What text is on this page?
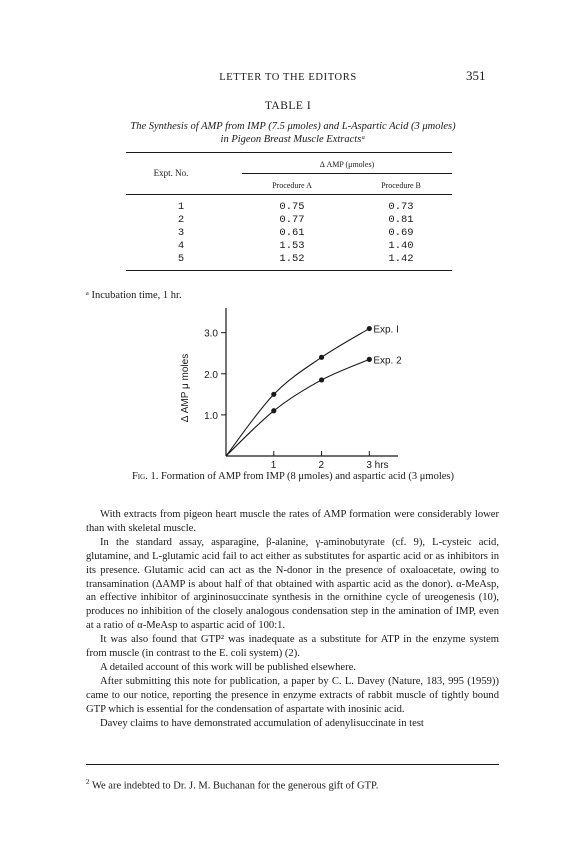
LETTER TO THE EDITORS	351
TABLE I
The Synthesis of AMP from IMP (7.5 μmoles) and L-Aspartic Acid (3 μmoles)
in Pigeon Breast Muscle Extractsᵃ
Δ AMP (μmoles)
Expt. No.
Procedure A	Procedure B
1	0.75	0.73
2	0.77	0.81
3	0.61	0.69
4	1.53	1.40
5	1.52	1.42
ᵃ Incubation time, 1 hr.
1.0
2.0
3.0
1	2	3 hrs
Δ AMP μ moles
Exp. I
Exp. 2
Fig. 1. Formation of AMP from IMP (8 μmoles) and aspartic acid (3 μmoles)

With extracts from pigeon heart muscle the rates of AMP formation were considerably lower than with skeletal muscle.

In the standard assay, asparagine, β-alanine, γ-aminobutyrate (cf. 9), L-cysteic acid, glutamine, and L-glutamic acid fail to act either as substitutes for aspartic acid or as inhibitors in its presence. Glutamic acid can act as the N-donor in the presence of oxaloacetate, owing to transamination (ΔAMP is about half of that obtained with aspartic acid as the donor). α-MeAsp, an effective inhibitor of argininosuccinate synthesis in the ornithine cycle of ureogenesis (10), produces no inhibition of the closely analogous condensation step in the amination of IMP, even at a ratio of α-MeAsp to aspartic acid of 100:1.

It was also found that GTP² was inadequate as a substitute for ATP in the enzyme system from muscle (in contrast to the E. coli system) (2).

A detailed account of this work will be published elsewhere.

After submitting this note for publication, a paper by C. L. Davey (Nature, 183, 995 (1959)) came to our notice, reporting the presence in enzyme extracts of rabbit muscle of tightly bound GTP which is essential for the condensation of aspartate with inosinic acid.

Davey claims to have demonstrated accumulation of adenylisuccinate in test

$^2$ We are indebted to Dr. J. M. Buchanan for the generous gift of GTP.
